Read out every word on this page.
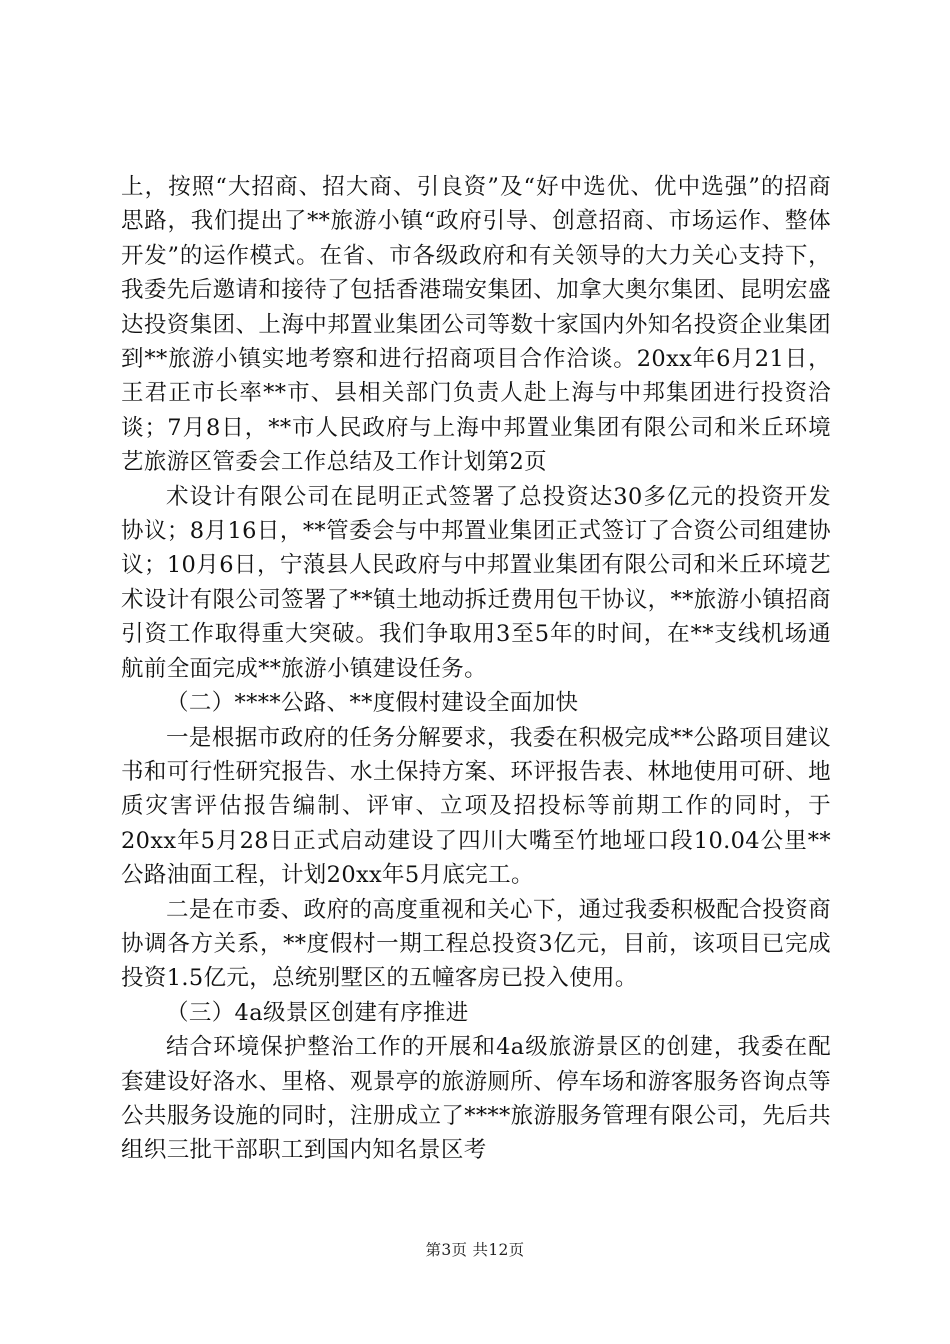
上，按照“大招商、招大商、引良资”及“好中选优、优中选强”的招商思路，我们提出了**旅游小镇“政府引导、创意招商、市场运作、整体开发”的运作模式。在省、市各级政府和有关领导的大力关心支持下，我委先后邀请和接待了包括香港瑞安集团、加拿大奥尔集团、昆明宏盛达投资集团、上海中邦置业集团公司等数十家国内外知名投资企业集团到**旅游小镇实地考察和进行招商项目合作洽谈。20xx年6月21日，王君正市长率**市、县相关部门负责人赴上海与中邦集团进行投资洽谈；7月8日，**市人民政府与上海中邦置业集团有限公司和米丘环境艺旅游区管委会工作总结及工作计划第2页

术设计有限公司在昆明正式签署了总投资达30多亿元的投资开发协议；8月16日，**管委会与中邦置业集团正式签订了合资公司组建协议；10月6日，宁蒗县人民政府与中邦置业集团有限公司和米丘环境艺术设计有限公司签署了**镇土地动拆迁费用包干协议，**旅游小镇招商引资工作取得重大突破。我们争取用3至5年的时间，在**支线机场通航前全面完成**旅游小镇建设任务。

（二）****公路、**度假村建设全面加快

一是根据市政府的任务分解要求，我委在积极完成**公路项目建议书和可行性研究报告、水土保持方案、环评报告表、林地使用可研、地质灾害评估报告编制、评审、立项及招投标等前期工作的同时，于20xx年5月28日正式启动建设了四川大嘴至竹地垭口段10.04公里**公路油面工程，计划20xx年5月底完工。

二是在市委、政府的高度重视和关心下，通过我委积极配合投资商协调各方关系，**度假村一期工程总投资3亿元，目前，该项目已完成投资1.5亿元，总统别墅区的五幢客房已投入使用。

（三）4a级景区创建有序推进

结合环境保护整治工作的开展和4a级旅游景区的创建，我委在配套建设好洛水、里格、观景亭的旅游厕所、停车场和游客服务咨询点等公共服务设施的同时，注册成立了****旅游服务管理有限公司，先后共组织三批干部职工到国内知名景区考

第3页 共12页
